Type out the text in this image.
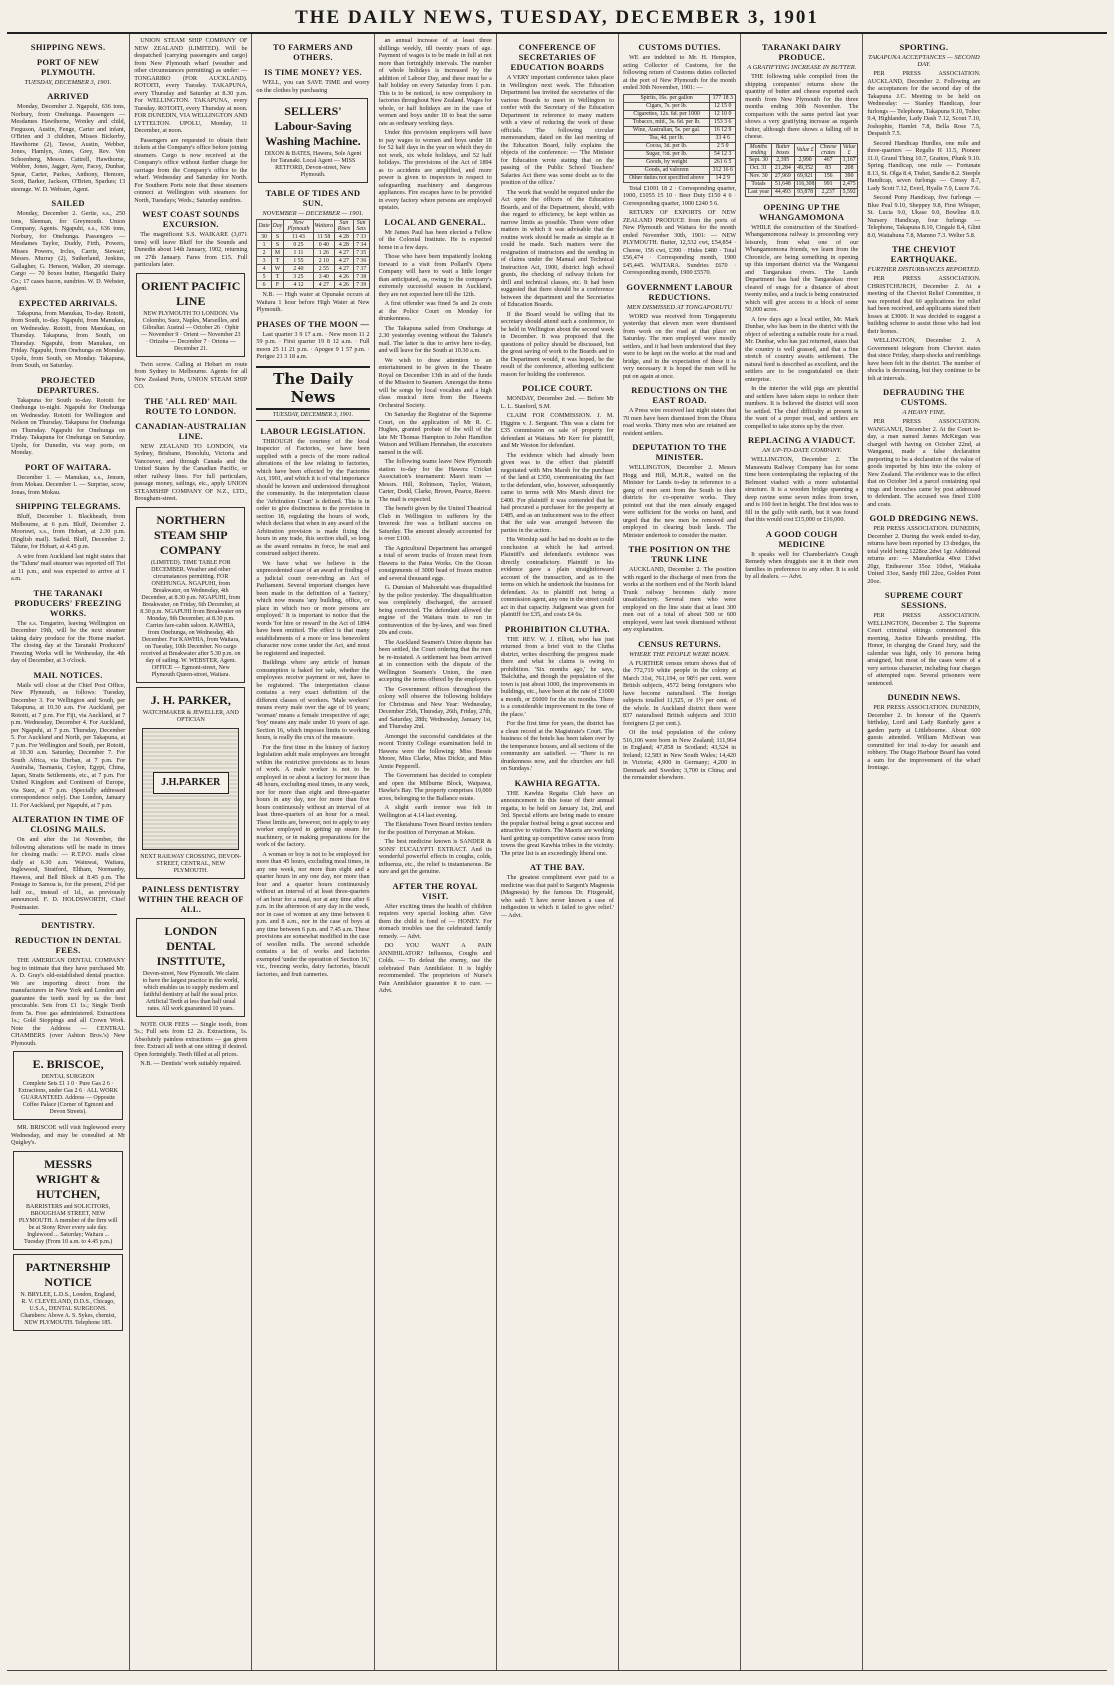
THE DAILY NEWS, TUESDAY, DECEMBER 3, 1901
SHIPPING NEWS.
PORT OF NEW PLYMOUTH.
TUESDAY, DECEMBER 3, 1901.
ARRIVED

Monday, December 2. Ngapuhi, 636 tons, Norbury, from Onehunga. Passengers — Mesdames Hawthorne, Wonley and child, Ferguson, Austin, Fenge, Carter and infant, O'Brien and 3 children, Misses Bickerby, Hawthorne (2), Tawse, Austin, Webber, Jones, Hamlyn, Ames, Grey, Rev. Von Schoenberg, Messrs. Cattrell, Hawthorne, Webber, Jones, Jagger, Ayre, Facey, Dunbar, Spear, Carter, Parkes, Anthony, Hemore, Scott, Barker, Jackson, O'Brien, Sparkes; 13 steerage. W. D. Webster, Agent.

SAILED

Monday, December 2. Gertie, s.s., 250 tons, Sleeman, for Greymouth. Union Company, Agents. Ngapuhi, s.s., 636 tons, Norbury, for Onehunga. Passengers — Mesdames Taylor, Duddy, Firth, Powers, Misses Powers, Ircles, Carrie, Stewart; Messrs. Murray (2), Sutherland, Jenkins, Gallagher, G. Henson, Walker, 20 steerage. Cargo — 70 boxes butter, Hangatiki Dairy Co.; 17 cases bacon, sundries. W. D. Webster, Agent.

EXPECTED ARRIVALS.

Takapuna, from Manukau, To-day. Rotoiti, from South, to-day. Ngapuhi, from Manukau, on Wednesday. Rotoiti, from Manukau, on Thursday. Takapuna, from South, on Thursday. Ngapuhi, from Manukau, on Friday. Ngapuhi, from Onehunga on Monday. Upolu, from South, on Monday. Takapuna, from South, on Saturday.

PROJECTED DEPARTURES.

Takapuna for South to-day. Rotoiti for Onehunga to-night. Ngapuhi for Onehunga on Wednesday. Rotoiti for Wellington and Nelson on Thursday. Takapuna for Onehunga on Thursday. Ngapuhi for Onehunga on Friday. Takapuna for Onehunga on Saturday. Upolu, for Dunedin, via way ports, on Monday.

PORT OF WAITARA.

December 1. — Manukau, s.s., Jensen, from Mokau. December 1. — Surprise, scow, Jonas, from Mokau.

SHIPPING TELEGRAMS.

Bluff, December 1. Blackheath, from Melbourne, at 6 p.m. Bluff, December 2. Mooruwi, s.s., from Hobart, at 2.30 p.m. (English mail). Sailed. Bluff, December 2. Talune, for Hobart, at 4.45 p.m.

A wire from Auckland last night states that the 'Talune' mail steamer was reported off Tiri at 11 p.m., and was expected to arrive at 1 a.m.

THE TARANAKI PRODUCERS' FREEZING WORKS.

The s.s. Tongariro, leaving Wellington on December 19th, will be the next steamer taking dairy produce for the Home market. The closing day at the Taranaki Producers' Freezing Works will be Wednesday, the 4th day of December, at 3 o'clock.

MAIL NOTICES.

Mails will close at the Chief Post Office, New Plymouth, as follows: Tuesday, December 3. For Wellington and South, per Takapuna, at 10.30 a.m. For Auckland, per Rotoiti, at 7 p.m. For Fiji, via Auckland, at 7 p.m. Wednesday, December 4. For Auckland, per Ngapuhi, at 7 p.m. Thursday, December 5. For Auckland and North, per Takapuna, at 7 p.m. For Wellington and South, per Rotoiti, at 10.30 a.m. Saturday, December 7. For South Africa, via Durban, at 7 p.m. For Australia, Tasmania, Ceylon, Egypt, China, Japan, Straits Settlements, etc., at 7 p.m. For United Kingdom and Continent of Europe, via Suez, at 7 p.m. (Specially addressed correspondence only). Due London, January 11. For Auckland, per Ngapuhi, at 7 p.m.

ALTERATION IN TIME OF CLOSING MAILS.

On and after the 1st November, the following alterations will be made in times for closing mails: — R.T.P.O. mails close daily at 6.30 a.m. Waiuwai, Waitara, Inglewood, Stratford, Eltham, Normanby, Hawera, and Bell Block at 8.45 p.m. The Postage to Samoa is, for the present, 2½d per half oz., instead of 1d., as previously announced. F. D. HOLDSWORTH, Chief Postmaster.

DENTISTRY.
REDUCTION IN DENTAL FEES.

THE AMERICAN DENTAL COMPANY beg to intimate that they have purchased Mr. A. D. Gray's old-established dental practice. We are importing direct from the manufacturers in New York and London and guarantee the teeth used by us the best procurable. Sets from £1 1s.; Single Tooth from 5s. Free gas administered. Extractions 1s.; Gold Stoppings and all Crown Work. Note the Address — CENTRAL CHAMBERS (over Ashton Bros.'s) New Plymouth.

E. BRISCOE,
DENTAL SURGEON
Complete Sets £1 1 0 · Pure Gas 2 6 · Extractions, under Gas 2 6 · ALL WORK GUARANTEED. Address — Opposite Coffee Palace (Corner of Egmont and Devon Streets).

MR. BRISCOE will visit Inglewood every Wednesday, and may be consulted at Mr Quigley's.

MESSRS WRIGHT & HUTCHEN,
BARRISTERS and SOLICITORS,
BROUGHAM STREET, NEW PLYMOUTH. A member of the firm will be at Stony River every sale day. Inglewood ... Saturday; Waitara ... Tuesday (From 10 a.m. to 4.45 p.m.)
PARTNERSHIP NOTICE
N. BRYLEE, L.D.S., London, England, R. V. CLEVELAND, D.D.S., Chicago, U.S.A., DENTAL SURGEONS. Chambers: Above A. S. Sykes, chemist, NEW PLYMOUTH. Telephone 185.

UNION STEAM SHIP COMPANY OF NEW ZEALAND (LIMITED). Will be despatched (carrying passengers and cargo) from New Plymouth wharf (weather and other circumstances permitting) as under: — TONGARIRO (FOR AUCKLAND). ROTOITI, every Tuesday. TAKAPUNA, every Thursday and Saturday at 8.30 p.m. For WELLINGTON. TAKAPUNA, every Tuesday. ROTOITI, every Thursday at noon. FOR DUNEDIN, VIA WELLINGTON AND LYTTELTON. UPOLU, Monday, 11 December, at noon.

Passengers are requested to obtain their tickets at the Company's office before joining steamers. Cargo is now received at the Company's office without further charge for carriage from the Company's office to the wharf. Wednesday and Saturday for North. For Southern Ports note that these steamers connect at Wellington with steamers for North, Tuesdays; Weds.; Saturday sundries.

WEST COAST SOUNDS EXCURSION.

The magnificent S.S. WAIKARE (3,071 tons) will leave Bluff for the Sounds and Dunedin about 14th January, 1902, returning on 27th January. Fares from £15. Full particulars later.

ORIENT PACIFIC LINE
NEW PLYMOUTH TO LONDON. Via Colombo, Suez, Naples, Marseilles, and Gibraltar. Austral — October 26 · Ophir — November 9 · Orient — November 23 · Orizaba — December 7 · Ortona — December 21.

Twin screw. Calling at Hobart en route from Sydney to Melbourne. Agents for all New Zealand Ports, UNION STEAM SHIP CO.

THE 'ALL RED' MAIL ROUTE TO LONDON.
CANADIAN-AUSTRALIAN LINE.

NEW ZEALAND TO LONDON, via Sydney, Brisbane, Honolulu, Victoria and Vancouver, and through Canada and the United States by the Canadian Pacific, or other railway lines. For full particulars, passage money, sailings, etc., apply UNION STEAMSHIP COMPANY OF N.Z., LTD., Brougham-street.

NORTHERN STEAM SHIP COMPANY
(LIMITED). TIME TABLE FOR DECEMBER. Weather and other circumstances permitting. FOR ONEHUNGA. NGAPUHI, from Breakwater, on Wednesday, 4th December, at 8.30 p.m. NGAPUHI, from Breakwater, on Friday, 6th December, at 8.30 p.m. NGAPUHI from Breakwater on Monday, 9th December, at 8.30 p.m. Carries fare-cabin saloon. KAWHIA, from Onehunga, on Wednesday, 4th December. For KAWHIA, from Waitara, on Tuesday, 10th December. No cargo received at Breakwater after 5.30 p.m. on day of sailing. W. WEBSTER, Agent. OFFICE — Egmont-street, New Plymouth Queen-street, Waitara.
J. H. PARKER,
WATCHMAKER & JEWELLER, AND OPTICIAN
J.H.PARKER
NEXT RAILWAY CROSSING, DEVON-STREET, CENTRAL, NEW PLYMOUTH.
PAINLESS DENTISTRY WITHIN THE REACH OF ALL.
LONDON DENTAL INSTITUTE,
Devon-street, New Plymouth. We claim to have the largest practice in the world, which enables us to supply modern and faithful dentistry at half the usual price. Artificial Teeth at less than half usual rates. All work guaranteed 10 years.

NOTE OUR FEES — Single tooth, from 5s.; Full sets from £2 2s. Extractions, 1s. Absolutely painless extractions — gas given free. Extract all teeth at one sitting if desired. Open fortnightly. Teeth filled at all prices.

N.B. — Dentists' work suitably repaired.

TO FARMERS AND OTHERS.
IS TIME MONEY? YES.

WELL, you can SAVE TIME and worry on the clothes by purchasing

SELLERS' Labour-Saving Washing Machine.
DIXON & BATES, Hawera, Sole Agent for Taranaki. Local Agent — MISS RETFORD, Devon-street, New Plymouth.
TABLE OF TIDES AND SUN.
NOVEMBER — DECEMBER — 1901.
Date	Day	New Plymouth	Waitara	Sun Rises	Sun Sets
30	S	11 43	11 58	4 28	7 33
1	S	0 25	0 40	4 28	7 34
2	M	1 11	1 26	4 27	7 35
3	T	1 55	2 10	4 27	7 36
4	W	2 40	2 55	4 27	7 37
5	T	3 25	3 40	4 26	7 38
6	F	4 12	4 27	4 26	7 39

N.B. — High water at Opunake occurs at Waitara 1 hour before High Water at New Plymouth.

PHASES OF THE MOON —

Last quarter 3 9 17 a.m. · New moon 11 2 59 p.m. · First quarter 19 8 12 a.m. · Full moon 25 11 21 p.m. · Apogee 9 1 57 p.m. · Perigee 21 3 18 a.m.

The Daily News
TUESDAY, DECEMBER 3, 1901.
LABOUR LEGISLATION.

THROUGH the courtesy of the local Inspector of Factories, we have been supplied with a precis of the more radical alterations of the law relating to factories, which have been effected by the Factories Act, 1901, and which it is of vital importance should be known and understood throughout the community. In the interpretation clause the 'Arbitration Court' is defined. This is in order to give distinctness to the provision in section 18, regulating the hours of work, which declares that when in any award of the Arbitration provision is made fixing the hours in any trade, this section shall, so long as the award remains in force, be read and construed subject thereto.

We have what we believe is the unprecedented case of an award or finding of a judicial court over-riding an Act of Parliament. Several important changes have been made in the definition of a 'factory,' which now means 'any building, office, or place in which two or more persons are employed.' It is important to notice that the words 'for hire or reward' in the Act of 1894 have been omitted. The effect is that many establishments of a more or less benevolent character now come under the Act, and must be registered and inspected.

Buildings where any article of human consumption is baked for sale, whether the employees receive payment or not, have to be registered. The interpretation clause contains a very exact definition of the different classes of workers. 'Male workers' means every male over the age of 16 years; 'woman' means a female irrespective of age; 'boy' means any male under 16 years of age. Section 16, which imposes limits to working hours, is really the crux of the measure.

For the first time in the history of factory legislation adult male employees are brought within the restrictive provisions as to hours of work. A male worker is not to be employed in or about a factory for more than 48 hours, excluding meal times, in any week, nor for more than eight and three-quarter hours in any day, nor for more than five hours continuously without an interval of at least three-quarters of an hour for a meal. These limits are, however, not to apply to any worker employed in getting up steam for machinery, or in making preparations for the work of the factory.

A woman or boy is not to be employed for more than 45 hours, excluding meal times, in any one week, nor more than eight and a quarter hours in any one day, nor more than four and a quarter hours continuously without an interval of at least three-quarters of an hour for a meal, nor at any time after 6 p.m. in the afternoon of any day in the week, nor in case of women at any time between 6 p.m. and 8 a.m., nor in the case of boys at any time between 6 p.m. and 7.45 a.m. These provisions are somewhat modified in the case of woollen mills. The second schedule contains a list of works and factories exempted 'under the operation of Section 16,' viz., freezing works, dairy factories, biscuit factories, and fruit canneries.

an annual increase of at least three shillings weekly, till twenty years of age. Payment of wages is to be made in full at not more than fortnightly intervals. The number of whole holidays is increased by the addition of Labour Day, and these must be a half holiday on every Saturday from 1 p.m. This is to be noticed, is now compulsory in factories throughout New Zealand. Wages for whole, or half holidays are in the case of women and boys under 18 to beat the same rate as ordinary working days.

Under this provision employers will have to pay wages to women and boys under 18 for 52 half days in the year on which they do not work, six whole holidays, and 52 half holidays. The provisions of the Act of 1894 as to accidents are amplified, and more power is given to inspectors in respect to safeguarding machinery and dangerous appliances. Fire escapes have to be provided in every factory where persons are employed upstairs.

LOCAL AND GENERAL.

Mr James Paul has been elected a Fellow of the Colonial Institute. He is expected home in a few days.

Those who have been impatiently looking forward to a visit from Pollard's Opera Company will have to wait a little longer than anticipated, as, owing to the company's extremely successful season in Auckland, they are not expected here till the 12th.

A first offender was fined 5s and 2s costs at the Police Court on Monday for drunkenness.

The Takapuna sailed from Onehunga at 2.30 yesterday evening without the Talune's mail. The latter is due to arrive here to-day, and will leave for the South at 10.30 a.m.

We wish to draw attention to an entertainment to be given in the Theatre Royal on December 13th in aid of the funds of the Mission to Seamen. Amongst the items will be songs by local vocalists and a high class musical item from the Hawera Orchestral Society.

On Saturday the Registrar of the Supreme Court, on the application of Mr R. C. Hughes, granted probate of the will of the late Mr Thomas Hampton to John Hamilton Watson and William Hennahan, the executors named in the will.

The following teams leave New Plymouth station to-day for the Hawera Cricket Association's tournament: Maori team — Messrs. Hill, Robinson, Taylor, Watson, Carter, Dodd, Clarke, Brown, Pearce, Reeve. The mail is expected.

The benefit given by the United Theatrical Club in Wellington to sufferers by the Inveresk fire was a brilliant success on Saturday. The amount already accounted for is over £100.

The Agricultural Department has arranged a total of seven trucks of frozen meat from Hawera to the Patea Works. On the Ocean consignments of 3000 head of frozen mutton and several thousand eggs.

G. Dunstan of Mahoetahi was disqualified by the police yesterday. The disqualification was completely discharged, the accused being convicted. The defendant allowed the engine of the Waitara train to run in contravention of the by-laws, and was fined 20s and costs.

The Auckland Seamen's Union dispute has been settled, the Court ordering that the men be re-instated. A settlement has been arrived at in connection with the dispute of the Wellington Seamen's Union, the men accepting the terms offered by the employers.

The Government offices throughout the colony will observe the following holidays for Christmas and New Year: Wednesday, December 25th, Thursday, 26th, Friday, 27th, and Saturday, 28th; Wednesday, January 1st, and Thursday 2nd.

Amongst the successful candidates at the recent Trinity College examination held in Hawera were the following: Miss Bessie Moore, Miss Clarke, Miss Dickie, and Miss Annie Pepperell.

The Government has decided to complete and open the Milburne Block, Waipawa, Hawke's Bay. The property comprises 19,000 acres, belonging to the Ballance estate.

A slight earth tremor was felt in Wellington at 4.14 last evening.

The Eketahuna Town Board invites tenders for the position of Ferryman at Mokau.

The best medicine known is SANDER & SONS' EUCALYPTI EXTRACT. And its wonderful powerful effects in coughs, colds, influenza, etc., the relief is instantaneous. Be sure and get the genuine.

AFTER THE ROYAL VISIT.

After exciting times the health of children requires very special looking after. Give them the child is fond of — HONEY. For stomach troubles use the celebrated family remedy. — Advt.

DO YOU WANT A PAIN ANNIHILATOR? Influenza, Coughs and Colds. — To defeat the enemy, use the celebrated Pain Annihilator. It is highly recommended. The proprietors of Nurse's Pain Annihilator guarantee it to cure. — Advt.

CONFERENCE OF SECRETARIES OF EDUCATION BOARDS

A VERY important conference takes place in Wellington next week. The Education Department has invited the secretaries of the various Boards to meet in Wellington to confer with the Secretary of the Education Department in reference to many matters with a view of reducing the work of these officials. The following circular memorandum, dated on the last meeting of the Education Board, fully explains the objects of the conference: — 'The Minister for Education wrote stating that on the passing of the Public School Teachers' Salaries Act there was some doubt as to the position of the office.'

The work that would be required under the Act upon the officers of the Education Boards, and of the Department, should, with due regard to efficiency, be kept within as narrow limits as possible. There were other matters in which it was advisable that the routine work should be made as simple as it could be made. Such matters were the resignation of instructors and the sending in of claims under the Manual and Technical Instruction Act, 1900, district high school grants, the checking of railway tickets for drill and technical classes, etc. It had been suggested that there should be a conference between the department and the Secretaries of Education Boards.

If the Board would be willing that its secretary should attend such a conference, to be held in Wellington about the second week in December. It was proposed that the questions of policy should be discussed, but the great saving of work to the Boards and to the Department would, it was hoped, be the result of the conference, affording sufficient reason for holding the conference.

POLICE COURT.

MONDAY, December 2nd. — Before Mr L. L. Stanford, S.M.

CLAIM FOR COMMISSION. J. M. Higgins v. J. Sergeant. This was a claim for £35 commission on sale of property for defendant at Waitara. Mr Kerr for plaintiff, and Mr Weston for defendant.

The evidence which had already been given was to the effect that plaintiff negotiated with Mrs Marsh for the purchase of the land at £350, communicating the fact to the defendant, who, however, subsequently came to terms with Mrs Marsh direct for £400. For plaintiff it was contended that he had procured a purchaser for the property at £485, and as an inducement was to the effect that the sale was arranged between the parties in the action.

His Worship said he had no doubt as to the conclusion at which he had arrived. Plaintiff's and defendant's evidence was directly contradictory. Plaintiff in his evidence gave a plain straightforward account of the transaction, and as to the terms on which he undertook the business for defendant. As to plaintiff not being a commission agent, any one in the street could act in that capacity. Judgment was given for plaintiff for £35, and costs £4 6s.

PROHIBITION CLUTHA.

THE REV. W. J. Elliott, who has just returned from a brief visit to the Clutha district, writes describing the progress made there and what he claims is owing to prohibition. 'Six months ago,' he says, 'Balclutha, and though the population of the town is just about 1000, the improvements in buildings, etc., have been at the rate of £1000 a month, or £6000 for the six months. There is a considerable improvement in the tone of the place.'

For the first time for years, the district has a clean record at the Magistrate's Court. The business of the hotels has been taken over by the temperance houses, and all sections of the community are satisfied. — 'There is no drunkenness now, and the churches are full on Sundays.'

KAWHIA REGATTA.

THE Kawhia Regatta Club have an announcement in this issue of their annual regatta, to be held on January 1st, 2nd, and 3rd. Special efforts are being made to ensure the popular festival being a great success and attractive to visitors. The Maoris are working hard getting up competitive canoe races from towns the great Kawhia tribes in the vicinity. The prize list is an exceedingly liberal one.

AT THE BAY.

The greatest compliment ever paid to a medicine was that paid to Sargent's Magnesia (Magnesia) by the famous Dr. Fitzgerald, who said: 'I have never known a case of indigestion in which it failed to give relief.' — Advt.

CUSTOMS DUTIES.

WE are indebted to Mr. H. Hempton, acting Collector of Customs, for the following return of Customs duties collected at the port of New Plymouth for the month ended 30th November, 1901: —

Spirits, 16s. per gallon	177 18 3
Cigars, 7s. per lb.	12 15 0
Cigarettes, 12s. 6d. per 1000	12 10 0
Tobacco, mfd., 3s. 6d. per lb.	153 3 6
Wine, Australian, 5s. per gal.	16 12 9
Tea, 4d. per lb.	33 4 6
Cocoa, 3d. per lb.	2 5 0
Sugar, ½d. per lb.	54 12 3
Goods, by weight	261 6 5
Goods, ad valorem	312 16 6
Other duties not specified above	14 2 9

Total £1091 18 2 · Corresponding quarter, 1900, £1055 15 10 · Beer Duty £150 4 6 · Corresponding quarter, 1900 £240 5 6.

RETURN OF EXPORTS OF NEW ZEALAND PRODUCE from the ports of New Plymouth and Waitara for the month ended November 30th, 1901: — NEW PLYMOUTH. Butter, 12,532 cwt, £54,854 · Cheese, 156 cwt, £390 · Hides £480 · Total £56,474 · Corresponding month, 1900 £45,445. WAITARA. Sundries £670 · Corresponding month, 1900 £5570.

GOVERNMENT LABOUR REDUCTIONS.
MEN DISMISSED AT TONGAPORUTU

WORD was received from Tongaporutu yesterday that eleven men were dismissed from work on the road at that place on Saturday. The men employed were mostly settlers, and it had been understood that they were to be kept on the works at the road and bridge, and in the expectation of these it is very necessary it is hoped the men will be put on again at once.

REDUCTIONS ON THE EAST ROAD.

A Press wire received last night states that 70 men have been dismissed from the Ohura road works. Thirty men who are retained are resident settlers.

DEPUTATION TO THE MINISTER.

WELLINGTON, December 2. Messrs Hogg and Hill, M.H.R., waited on the Minister for Lands to-day in reference to a gang of men sent from the South to their districts for co-operative works. They pointed out that the men already engaged were sufficient for the works on hand, and urged that the new men be removed and employed in clearing bush lands. The Minister undertook to consider the matter.

THE POSITION ON THE TRUNK LINE

AUCKLAND, December 2. The position with regard to the discharge of men from the works at the northern end of the North Island Trunk railway becomes daily more unsatisfactory. Several men who were employed on the line state that at least 300 men out of a total of about 500 or 600 employed, were last week dismissed without any explanation.

CENSUS RETURNS.
WHERE THE PEOPLE WERE BORN.

A FURTHER census return shows that of the 772,719 white people in the colony at March 31st, 761,194, or 98½ per cent. were British subjects, 4572 being foreigners who have become naturalised. The foreign subjects totalled 11,525, or 1½ per cent. of the whole. In Auckland district there were 837 naturalised British subjects and 3310 foreigners (2 per cent.).

Of the total population of the colony 516,106 were born in New Zealand; 111,964 in England; 47,858 in Scotland; 43,524 in Ireland; 12,583 in New South Wales; 14,420 in Victoria; 4,900 in Germany; 4,200 in Denmark and Sweden; 3,700 in China; and the remainder elsewhere.

TARANAKI DAIRY PRODUCE.
A GRATIFYING INCREASE IN BUTTER.

THE following table compiled from the shipping companies' returns show the quantity of butter and cheese exported each month from New Plymouth for the three months ending 30th November. The comparison with the same period last year shows a very gratifying increase as regards butter, although there shows a falling off in cheese.

Months ending	Butter boxes	Value £	Cheese crates	Value £
Sept. 30	2,395	2,990	467	1,167
Oct. 31	21,284	49,352	83	208
Nov. 30	27,969	69,921	156	390
Totals	51,648	116,308	991	2,475
Last year	44,493	93,878	2,237	5,592
OPENING UP THE WHANGAMOMONA

WHILE the construction of the Stratford-Whangamomona railway is proceeding very leisurely, from what one of our Whangamomona friends, we learn from the Chronicle, are being something in opening up this important district via the Wanganui and Tangarakau rivers. The Lands Department has had the Tangarakau river cleared of snags for a distance of about twenty miles, and a track is being constructed which will give access to a block of some 50,000 acres.

A few days ago a local settler, Mr. Mark Dunbar, who has been in the district with the object of selecting a suitable route for a road. Mr. Dunbar, who has just returned, states that the country is well grassed, and that a fine stretch of country awaits settlement. The natural feed is described as excellent, and the settlers are to be congratulated on their enterprise.

In the interior the wild pigs are plentiful and settlers have taken steps to reduce their numbers. It is believed the district will soon be settled. The chief difficulty at present is the want of a proper road, and settlers are compelled to take stores up by the river.

REPLACING A VIADUCT.
AN UP-TO-DATE COMPANY.

WELLINGTON, December 2. The Manawatu Railway Company has for some time been contemplating the replacing of the Belmont viaduct with a more substantial structure. It is a wooden bridge spanning a deep ravine some seven miles from town, and is 160 feet in height. The first idea was to fill in the gully with earth, but it was found that this would cost £15,000 or £16,000.

A GOOD COUGH MEDICINE

It speaks well for Chamberlain's Cough Remedy when druggists use it in their own families in preference to any other. It is sold by all dealers. — Advt.

SPORTING.
TAKAPUNA ACCEPTANCES — SECOND DAY.

PER PRESS ASSOCIATION. AUCKLAND, December 2. Following are the acceptances for the second day of the Takapuna J.C. Meeting to be held on Wednesday: — Stanley Handicap, four furlongs — Telephone, Takapuna 9.10, Toltec 9.4, Highlander, Lady Dash 7.12, Scout 7.10, Joshophie, Hamlet 7.8, Bella Rose 7.5, Despatch 7.5.

Second Handicap Hurdles, one mile and three-quarters — Regalis II 11.5, Pioneer 11.0, Grand Thing 10.7, Gratton, Plunk 9.10. Spring Handicap, one mile — Fortunate 8.13, St. Olga 8.4, Tiuhei, Sandie 8.2. Steeple Handicap, seven furlongs — Cressy 8.7, Lady Scott 7.12, Everl, Hyalis 7.9, Lucre 7.6.

Second Pony Handicap, five furlongs — Blue Peal 9.10, Sheppey 9.8, First Whisper, St. Lucia 9.0, Ukase 9.0, Bowline 8.9. Nursery Handicap, four furlongs — Telephone, Takapuna 8.10, Cingale 8.4, Glint 8.0, Waitahuna 7.8, Mamno 7.3. Welter 5.8.

THE CHEVIOT EARTHQUAKE.
FURTHER DISTURBANCES REPORTED.

PER PRESS ASSOCIATION. CHRISTCHURCH, December 2. At a meeting of the Cheviot Relief Committee, it was reported that 60 applications for relief had been received, and applicants stated their losses at £3000. It was decided to suggest a building scheme to assist those who had lost their homes.

WELLINGTON, December 2. A Government telegram from Cheviot states that since Friday, sharp shocks and rumblings have been felt in the district. The number of shocks is decreasing, but they continue to be felt at intervals.

DEFRAUDING THE CUSTOMS.
A HEAVY FINE.

PER PRESS ASSOCIATION. WANGANUI, December 2. At the Court to-day, a man named James McKirgan was charged with having on October 22nd, at Wanganui, made a false declaration purporting to be a declaration of the value of goods imported by him into the colony of New Zealand. The evidence was to the effect that on October 3rd a parcel containing opal rings and brooches came by post addressed to defendant. The accused was fined £100 and costs.

GOLD DREDGING NEWS.

PER PRESS ASSOCIATION. DUNEDIN, December 2. During the week ended to-day, returns have been reported by 13 dredges, the total yield being 1228oz 2dwt 1gr. Additional returns are: — Manuherikia 40oz 13dwt 20gr, Endeavour 35oz 10dwt, Waikaka United 33oz, Sandy Hill 22oz, Golden Point 20oz.

SUPREME COURT SESSIONS.

PER PRESS ASSOCIATION. WELLINGTON, December 2. The Supreme Court criminal sittings commenced this morning, Justice Edwards presiding. His Honor, in charging the Grand Jury, said the calendar was light, only 16 persons being arraigned, but most of the cases were of a very serious character, including four charges of attempted rape. Several prisoners were sentenced.

DUNEDIN NEWS.

PER PRESS ASSOCIATION. DUNEDIN, December 2. In honour of the Queen's birthday, Lord and Lady Ranfurly gave a garden party at Littlebourne. About 600 guests attended. William McEwan was committed for trial to-day for assault and robbery. The Otago Harbour Board has voted a sum for the improvement of the wharf frontage.
